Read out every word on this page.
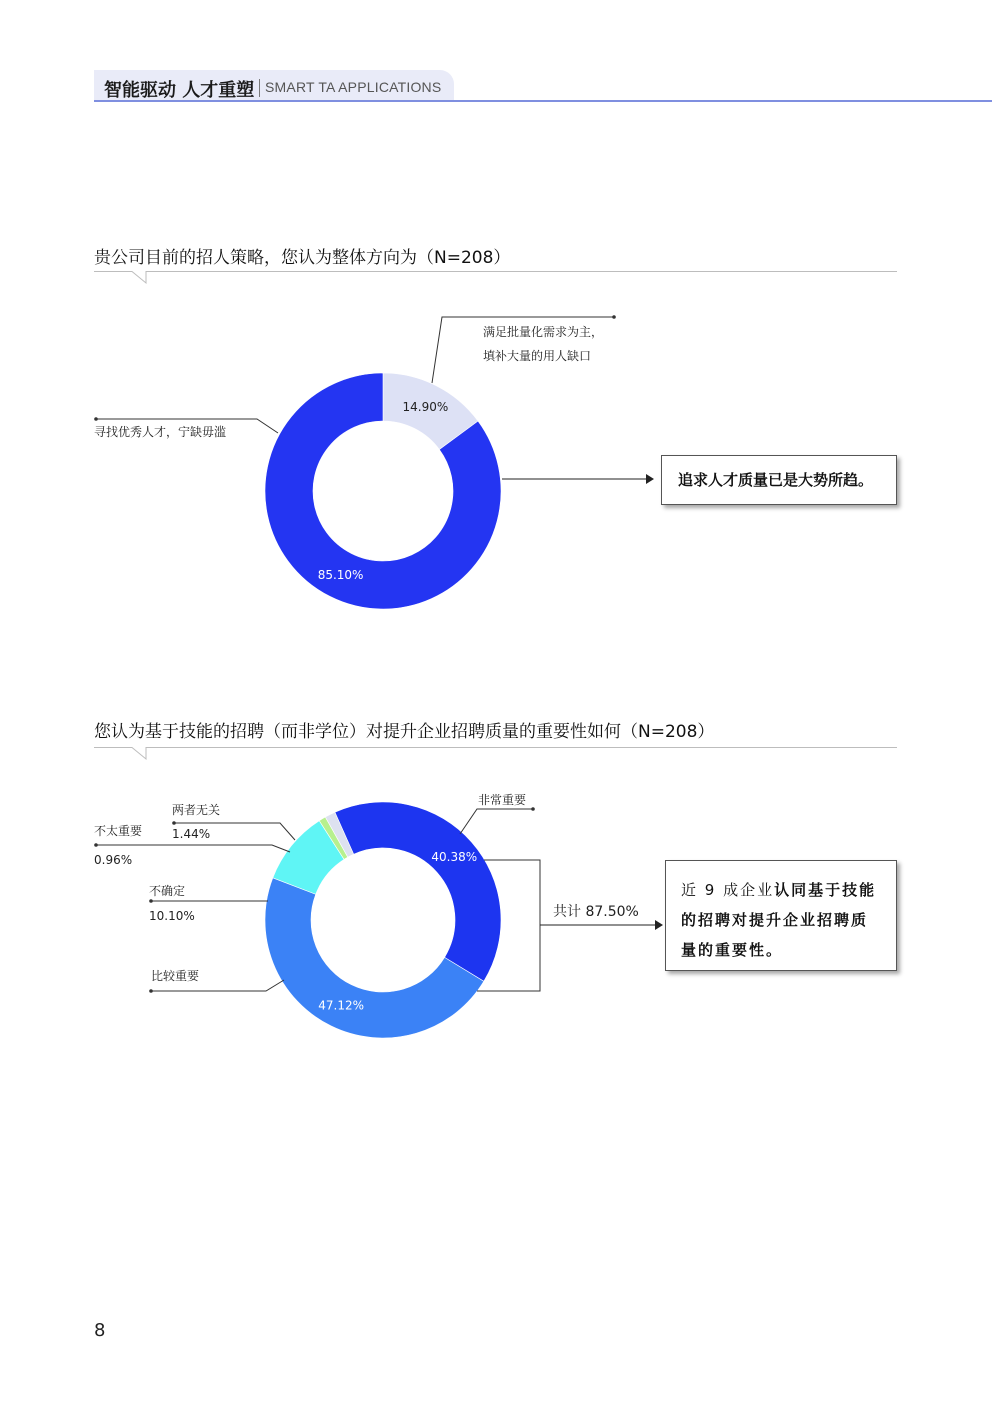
智能驱动 人才重塑 SMART TA APPLICATIONS
贵公司目前的招人策略，您认为整体方向为（N=208）
满足批量化需求为主，
填补大量的用人缺口
寻找优秀人才，宁缺毋滥
14.90%
85.10%
追求人才质量已是大势所趋。
您认为基于技能的招聘（而非学位）对提升企业招聘质量的重要性如何（N=208）
非常重要
两者无关
1.44%
不太重要
0.96%
不确定
10.10%
比较重要
40.38%
47.12%
共计 87.50%
近 9 成企业认同基于技能的招聘对提升企业招聘质量的重要性。
8
